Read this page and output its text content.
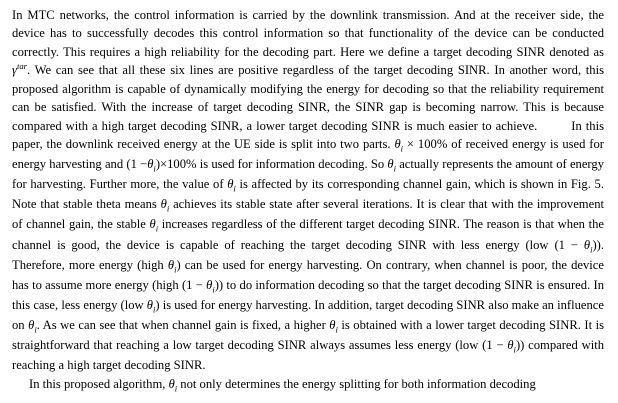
In MTC networks, the control information is carried by the downlink transmission. And at the receiver side, the device has to successfully decodes this control information so that functionality of the device can be conducted correctly. This requires a high reliability for the decoding part. Here we define a target decoding SINR denoted as $\gamma^{tar}$. We can see that all these six lines are positive regardless of the target decoding SINR. In another word, this proposed algorithm is capable of dynamically modifying the energy for decoding so that the reliability requirement can be satisfied. With the increase of target decoding SINR, the SINR gap is becoming narrow. This is because compared with a high target decoding SINR, a lower target decoding SINR is much easier to achieve.	In this paper, the downlink received energy at the UE side is split into two parts. $\theta_i \times 100\%$ of received energy is used for energy harvesting and $(1 -\theta_i)\times 100\%$ is used for information decoding. So $\theta_i$ actually represents the amount of energy for harvesting. Further more, the value of $\theta_i$ is affected by its corresponding channel gain, which is shown in Fig. 5. Note that stable theta means $\theta_i$ achieves its stable state after several iterations. It is clear that with the improvement of channel gain, the stable $\theta_i$ increases regardless of the different target decoding SINR. The reason is that when the channel is good, the device is capable of reaching the target decoding SINR with less energy (low $(1 - \theta_i)$). Therefore, more energy (high $\theta_i$) can be used for energy harvesting. On contrary, when channel is poor, the device has to assume more energy (high $(1 - \theta_i)$) to do information decoding so that the target decoding SINR is ensured. In this case, less energy (low $\theta_i$) is used for energy harvesting. In addition, target decoding SINR also make an influence on $\theta_i$. As we can see that when channel gain is fixed, a higher $\theta_i$ is obtained with a lower target decoding SINR. It is straightforward that reaching a low target decoding SINR always assumes less energy (low $(1 - \theta_i)$) compared with reaching a high target decoding SINR.

In this proposed algorithm, $\theta_i$ not only determines the energy splitting for both information decoding
